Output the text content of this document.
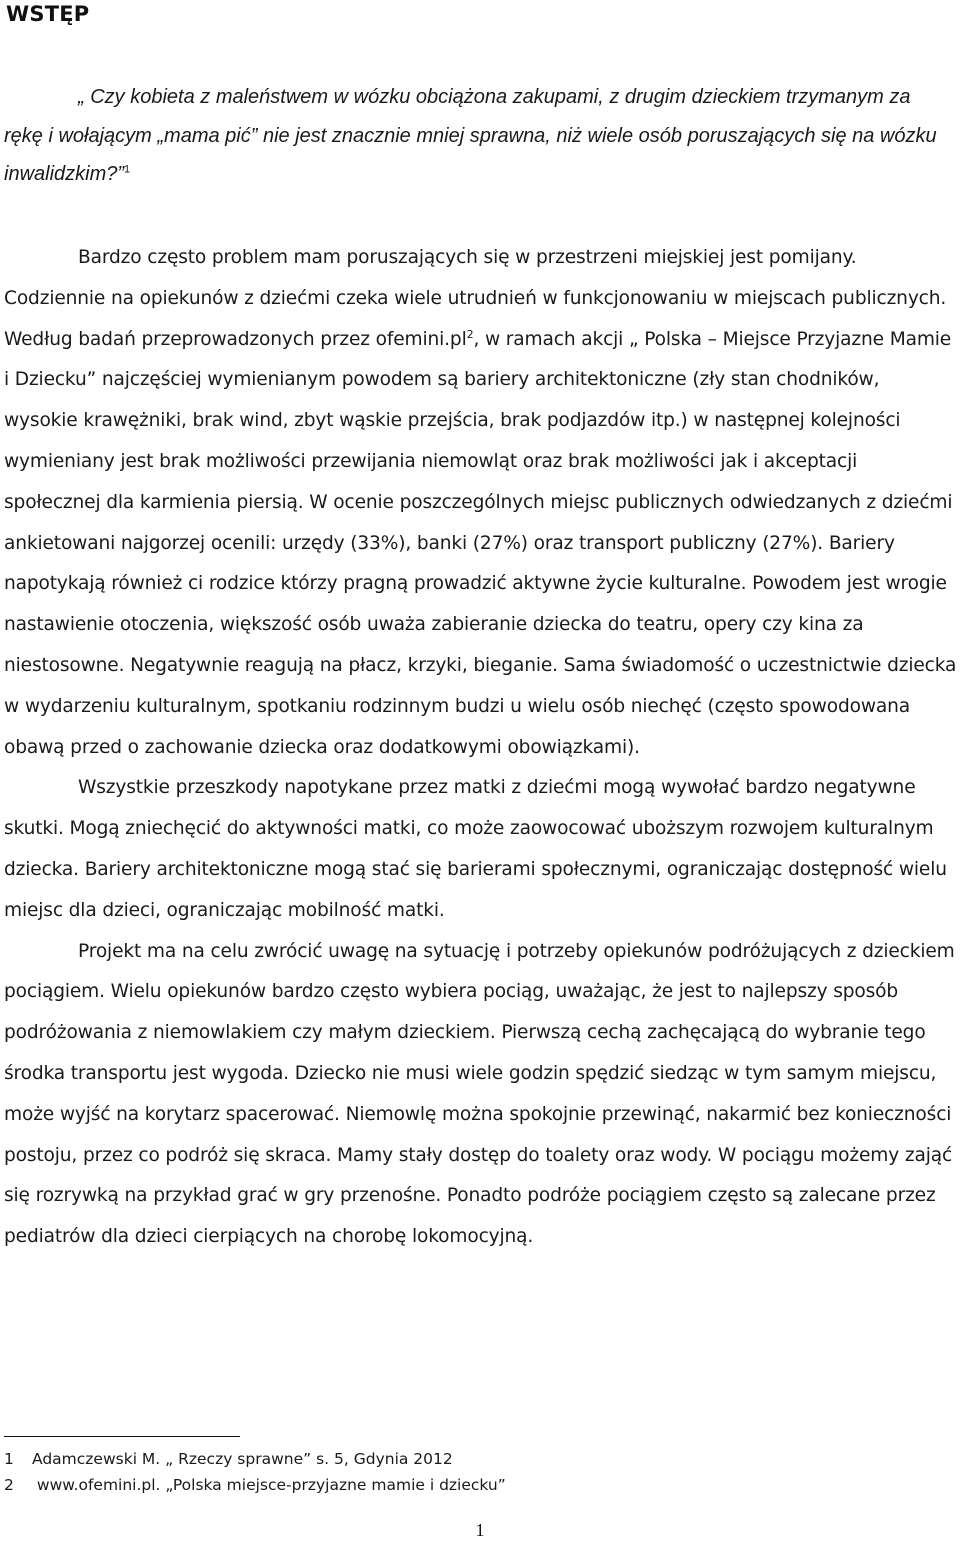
WSTĘP

„ Czy kobieta z maleństwem w wózku obciążona zakupami, z drugim dzieckiem trzymanym za rękę i wołającym „mama pić” nie jest znacznie mniej sprawna, niż wiele osób poruszających się na wózku inwalidzkim?”$^1$

Bardzo często problem mam poruszających się w przestrzeni miejskiej jest pomijany. Codziennie na opiekunów z dziećmi czeka wiele utrudnień w funkcjonowaniu w miejscach publicznych. Według badań przeprowadzonych przez $ofemini.pl^2$, w ramach akcji „ Polska – Miejsce Przyjazne Mamie i Dziecku” najczęściej wymienianym powodem są bariery architektoniczne (zły stan chodników, wysokie krawężniki, brak wind, zbyt wąskie przejścia, brak podjazdów itp.) w następnej kolejności wymieniany jest brak możliwości przewijania niemowląt oraz brak możliwości jak i akceptacji społecznej dla karmienia piersią. W ocenie poszczególnych miejsc publicznych odwiedzanych z dziećmi ankietowani najgorzej ocenili: urzędy (33%), banki (27%) oraz transport publiczny (27%). Bariery napotykają również ci rodzice którzy pragną prowadzić aktywne życie kulturalne. Powodem jest wrogie nastawienie otoczenia, większość osób uważa zabieranie dziecka do teatru, opery czy kina za niestosowne. Negatywnie reagują na płacz, krzyki, bieganie. Sama świadomość o uczestnictwie dziecka w wydarzeniu kulturalnym, spotkaniu rodzinnym budzi u wielu osób niechęć (często spowodowana obawą przed o zachowanie dziecka oraz dodatkowymi obowiązkami).

Wszystkie przeszkody napotykane przez matki z dziećmi mogą wywołać bardzo negatywne skutki. Mogą zniechęcić do aktywności matki, co może zaowocować uboższym rozwojem kulturalnym dziecka. Bariery architektoniczne mogą stać się barierami społecznymi, ograniczając dostępność wielu miejsc dla dzieci, ograniczając mobilność matki.

Projekt ma na celu zwrócić uwagę na sytuację i potrzeby opiekunów podróżujących z dzieckiem pociągiem. Wielu opiekunów bardzo często wybiera pociąg, uważając, że jest to najlepszy sposób podróżowania z niemowlakiem czy małym dzieckiem. Pierwszą cechą zachęcającą do wybranie tego środka transportu jest wygoda. Dziecko nie musi wiele godzin spędzić siedząc w tym samym miejscu, może wyjść na korytarz spacerować. Niemowlę można spokojnie przewinąć, nakarmić bez konieczności postoju, przez co podróż się skraca. Mamy stały dostęp do toalety oraz wody. W pociągu możemy zająć się rozrywką na przykład grać w gry przenośne. Ponadto podróże pociągiem często są zalecane przez pediatrów dla dzieci cierpiących na chorobę lokomocyjną.

1	Adamczewski M. „ Rzeczy sprawne” s. 5, Gdynia 2012
2	www.ofemini.pl. „Polska miejsce-przyjazne mamie i dziecku”

1
